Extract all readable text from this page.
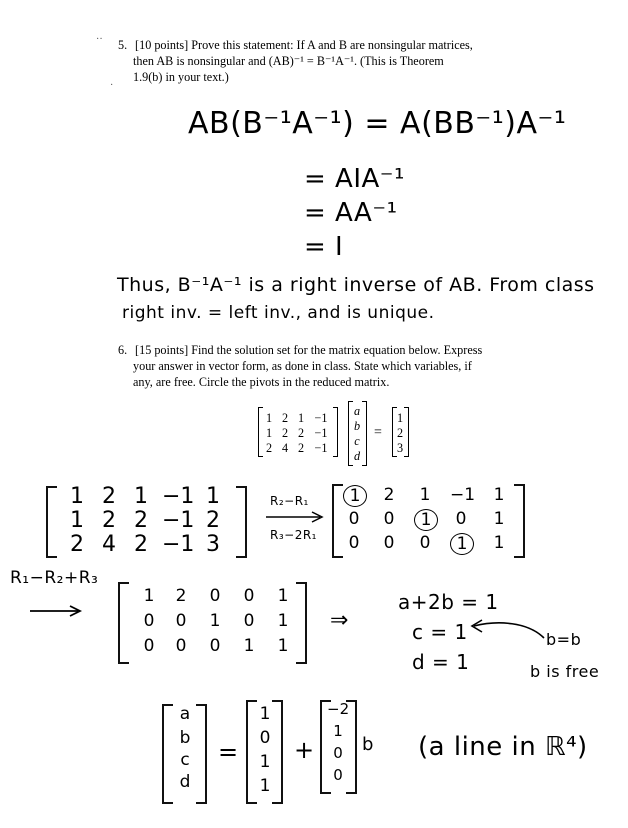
··
·
5. [10 points] Prove this statement: If A and B are nonsingular matrices,
then AB is nonsingular and (AB)⁻¹ = B⁻¹A⁻¹. (This is Theorem
1.9(b) in your text.)
AB(B⁻¹A⁻¹) = A(BB⁻¹)A⁻¹
= AIA⁻¹
= AA⁻¹
= I
Thus, B⁻¹A⁻¹ is a right inverse of AB. From class
right inv. = left inv., and is unique.
6. [15 points] Find the solution set for the matrix equation below. Express
your answer in vector form, as done in class. State which variables, if
any, are free. Circle the pivots in the reduced matrix.
1 2 1 −1
1 2 2 −1
2 4 2 −1
a
b
c
d
=
1
2
3
1 2 1 −1 1
1 2 2 −1 2
2 4 2 −1 3
R₂−R₁
R₃−2R₁
1	2	1	−1	1
0	0	1	0	1
0	0	0	1	1
R₁−R₂+R₃
1	2	0	0	1
0	0	1	0	1
0	0	0	1	1
⇒
a+2b = 1
c = 1
d = 1
b=b
b is free
a
b
c
d
=
1
0
1
1
+
−2
1
0
0
b (a line in ℝ⁴)
